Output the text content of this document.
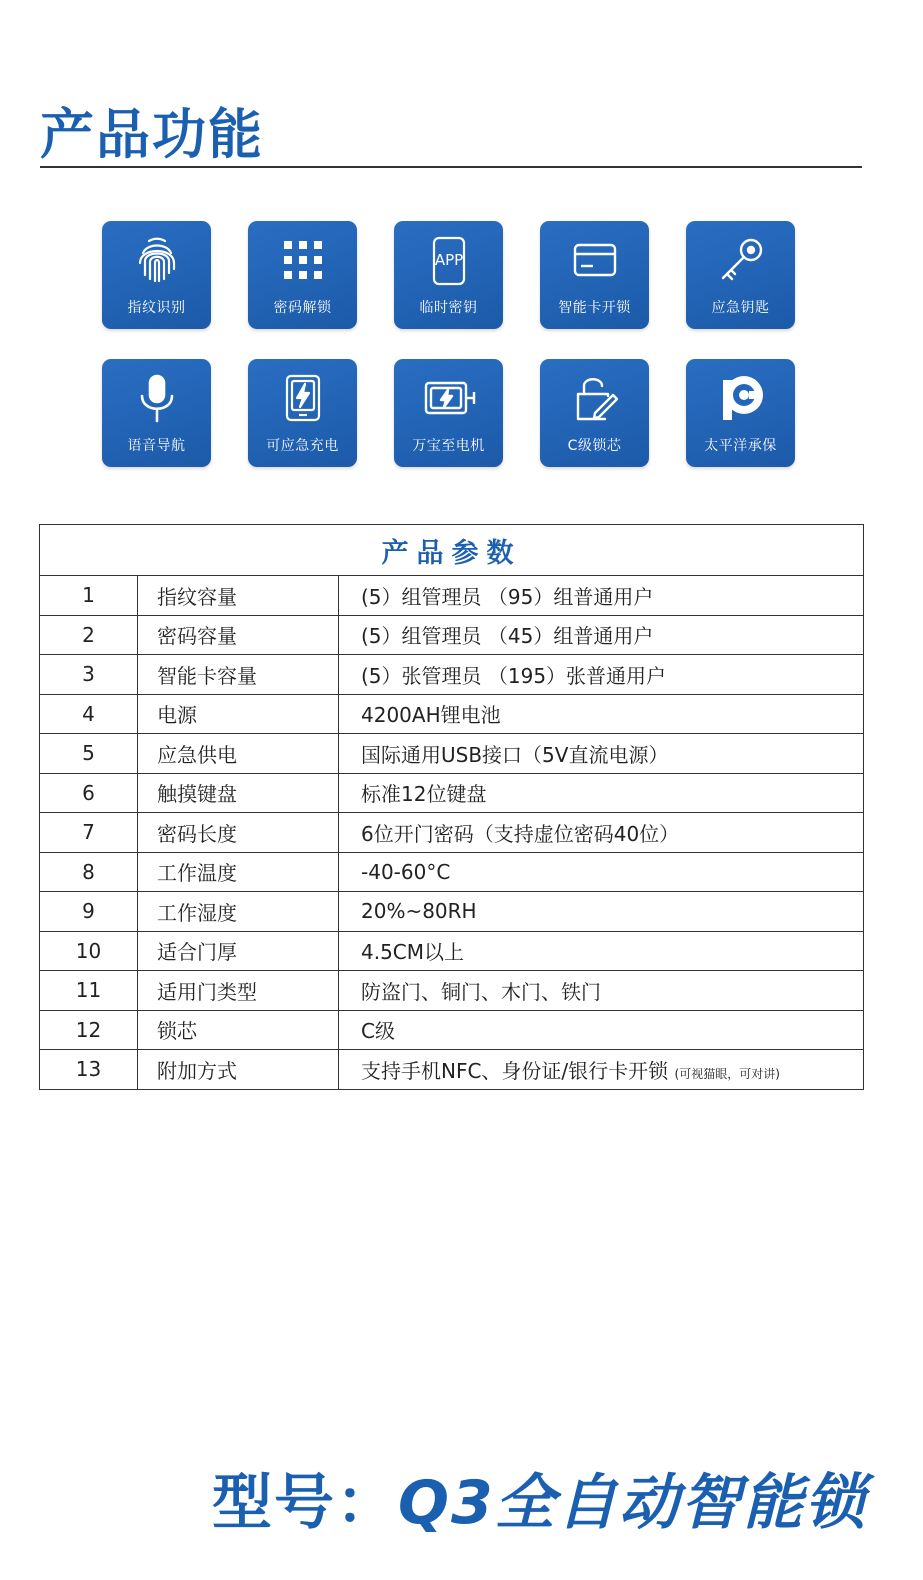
产品功能
指纹识别	密码解锁
APP
临时密钥	智能卡开锁	应急钥匙
语音导航	可应急充电	万宝至电机	C级锁芯	太平洋承保
产品参数		
1	指纹容量	(5）组管理员 （95）组普通用户
2	密码容量	(5）组管理员 （45）组普通用户
3	智能卡容量	(5）张管理员 （195）张普通用户
4	电源	4200AH锂电池
5	应急供电	国际通用USB接口（5V直流电源）
6	触摸键盘	标准12位键盘
7	密码长度	6位开门密码（支持虚位密码40位）
8	工作温度	-40-60°C
9	工作湿度	20%~80RH
10	适合门厚	4.5CM以上
11	适用门类型	防盗门、铜门、木门、铁门
12	锁芯	C级
13	附加方式	支持手机NFC、身份证/银行卡开锁 (可视猫眼，可对讲)
型号：Q3全自动智能锁
